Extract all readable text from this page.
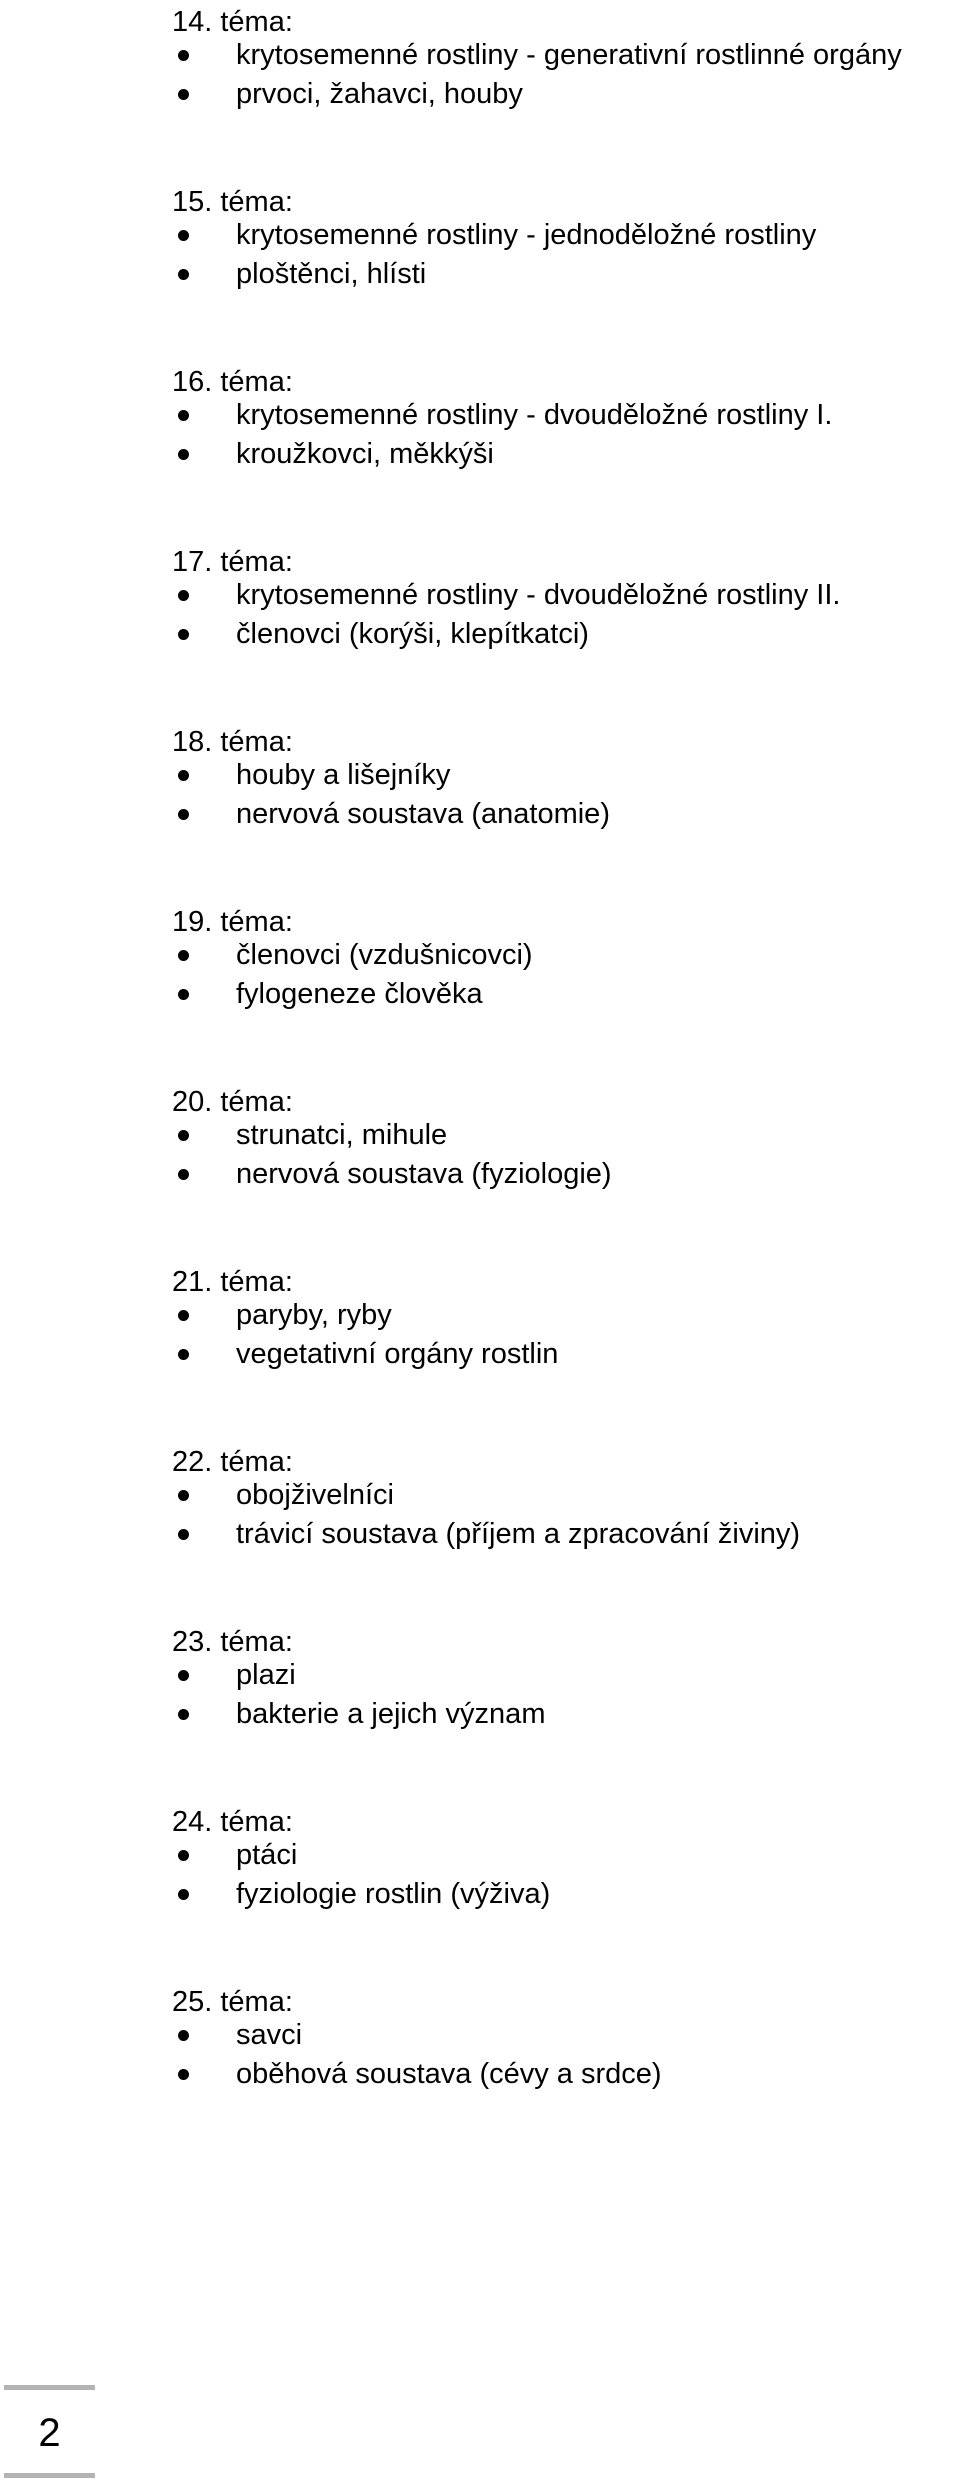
14. téma:
krytosemenné rostliny - generativní rostlinné orgány
prvoci, žahavci, houby
15. téma:
krytosemenné rostliny - jednoděložné rostliny
ploštěnci, hlísti
16. téma:
krytosemenné rostliny - dvouděložné rostliny I.
kroužkovci, měkkýši
17. téma:
krytosemenné rostliny - dvouděložné rostliny II.
členovci (korýši, klepítkatci)
18. téma:
houby a lišejníky
nervová soustava (anatomie)
19. téma:
členovci (vzdušnicovci)
fylogeneze člověka
20. téma:
strunatci, mihule
nervová soustava (fyziologie)
21. téma:
paryby, ryby
vegetativní orgány rostlin
22. téma:
obojživelníci
trávicí soustava (příjem a zpracování živiny)
23. téma:
plazi
bakterie a jejich význam
24. téma:
ptáci
fyziologie rostlin (výživa)
25. téma:
savci
oběhová soustava (cévy a srdce)
2
